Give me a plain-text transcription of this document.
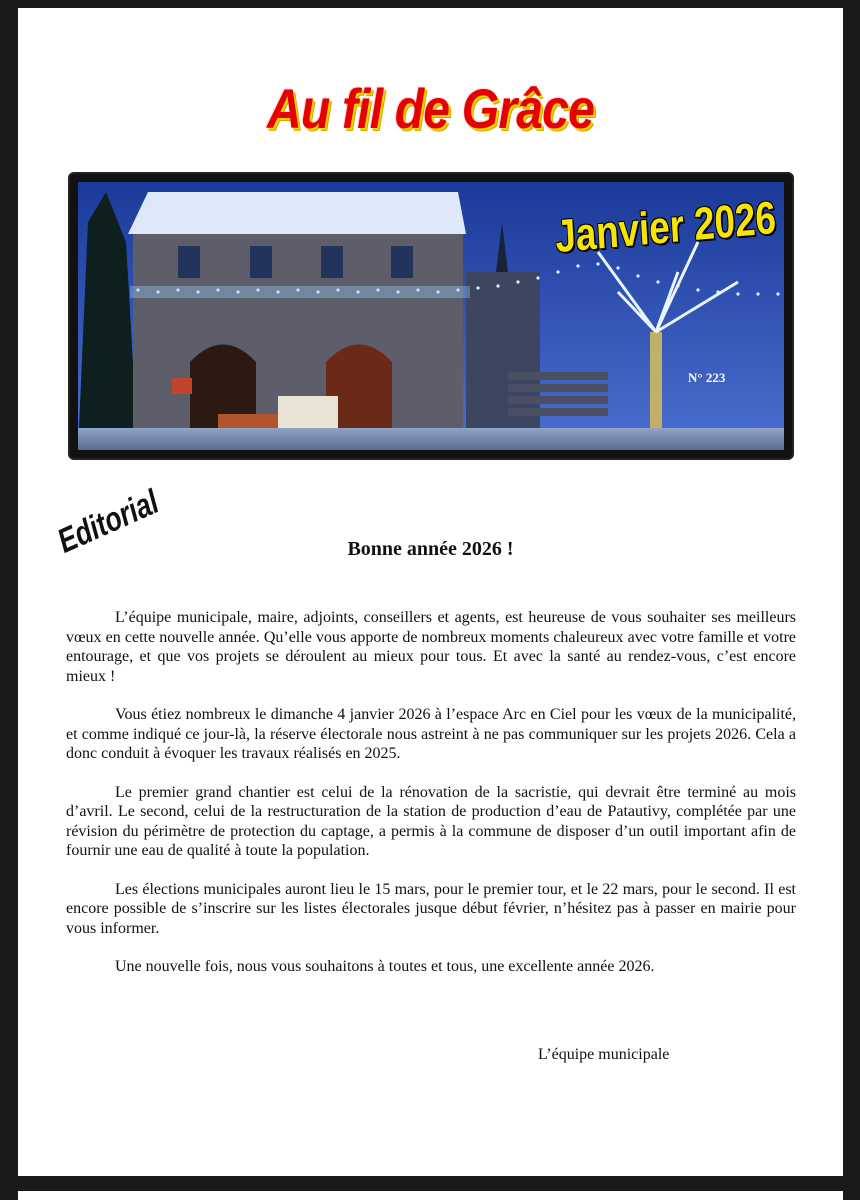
Au fil de Grâce
Janvier 2026
N° 223
Editorial	Bonne année 2026 !

L’équipe municipale, maire, adjoints, conseillers et agents, est heureuse de vous souhaiter ses meilleurs vœux en cette nouvelle année. Qu’elle vous apporte de nombreux moments chaleureux avec votre famille et votre entourage, et que vos projets se déroulent au mieux pour tous. Et avec la santé au rendez-vous, c’est encore mieux !

Vous étiez nombreux le dimanche 4 janvier 2026 à l’espace Arc en Ciel pour les vœux de la municipalité, et comme indiqué ce jour-là, la réserve électorale nous astreint à ne pas communiquer sur les projets 2026. Cela a donc conduit à évoquer les travaux réalisés en 2025.

Le premier grand chantier est celui de la rénovation de la sacristie, qui devrait être terminé au mois d’avril. Le second, celui de la restructuration de la station de production d’eau de Patautivy, complétée par une révision du périmètre de protection du captage, a permis à la commune de disposer d’un outil important afin de fournir une eau de qualité à toute la population.

Les élections municipales auront lieu le 15 mars, pour le premier tour, et le 22 mars, pour le second. Il est encore possible de s’inscrire sur les listes électorales jusque début février, n’hésitez pas à passer en mairie pour vous informer.

Une nouvelle fois, nous vous souhaitons à toutes et tous, une excellente année 2026.

L’équipe municipale
